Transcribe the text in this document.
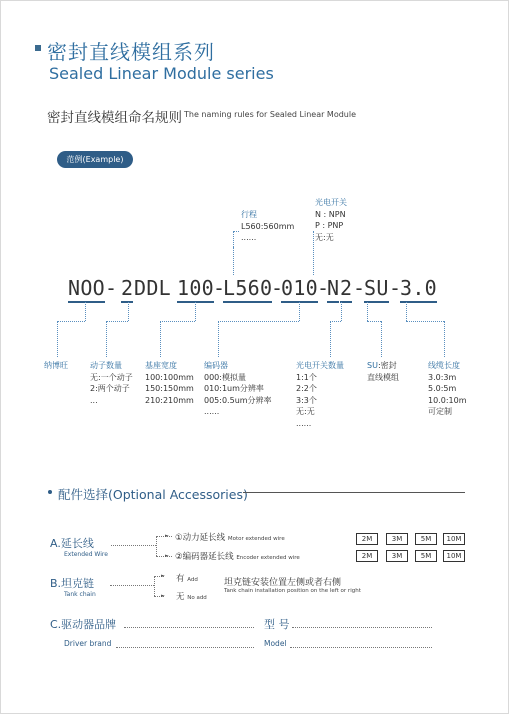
密封直线模组系列
Sealed Linear Module series
密封直线模组命名规则 The naming rules for Sealed Linear Module
范例(Example)
行程
L560:560mm
......
光电开关
N : NPN
P : PNP
无:无
NOO - 2 DDL 100
-
L560
-
010
-
N 2 -
SU -
3.0
纳博旺	动子数量
无:一个动子
2:两个动子
...
基座宽度
100:100mm
150:150mm
210:210mm
编码器
000:模拟量
010:1um分辨率
005:0.5um分辨率
......
光电开关数量
1:1个
2:2个
3:3个
无:无
......
SU:密封
直线模组
线缆长度
3.0:3m
5.0:5m
10.0:10m
可定制
配件选择(Optional Accessories)
A.延长线
Extended Wire
►
►
①动力延长线 Motor extended wire
②编码器延长线 Encoder extended wire
2M	3M	5M	10M
2M	3M	5M	10M
B.坦克链
Tank chain
►
►
有 Add
无 No add
坦克链安装位置左侧或者右侧
Tank chain installation position on the left or right
C.驱动器品牌	型 号
Driver brand	Model
